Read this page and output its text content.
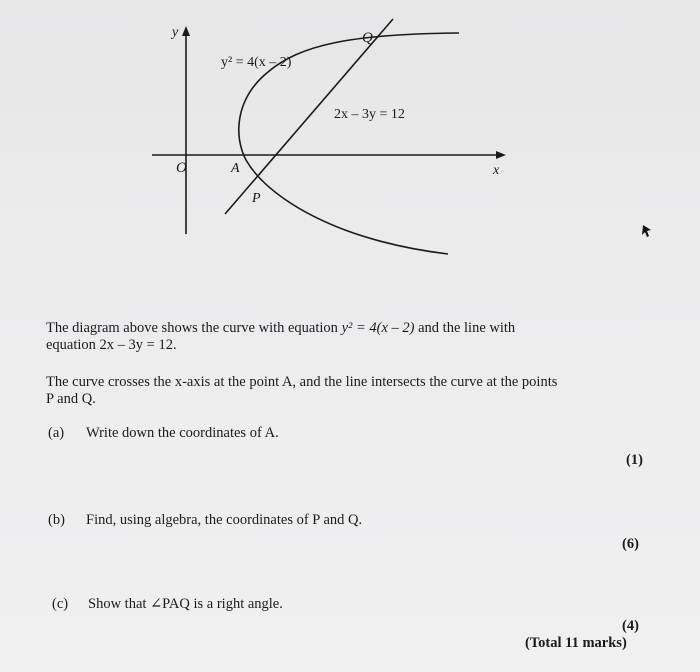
y
x
O	A
P
Q
y² = 4(x – 2)
2x – 3y = 12
The diagram above shows the curve with equation y² = 4(x – 2) and the line with
equation 2x – 3y = 12.
The curve crosses the x-axis at the point A, and the line intersects the curve at the points
P and Q.
(a) Write down the coordinates of A.
(1)
(b) Find, using algebra, the coordinates of P and Q.
(6)
(c) Show that ∠PAQ is a right angle.
(4)
(Total 11 marks)
